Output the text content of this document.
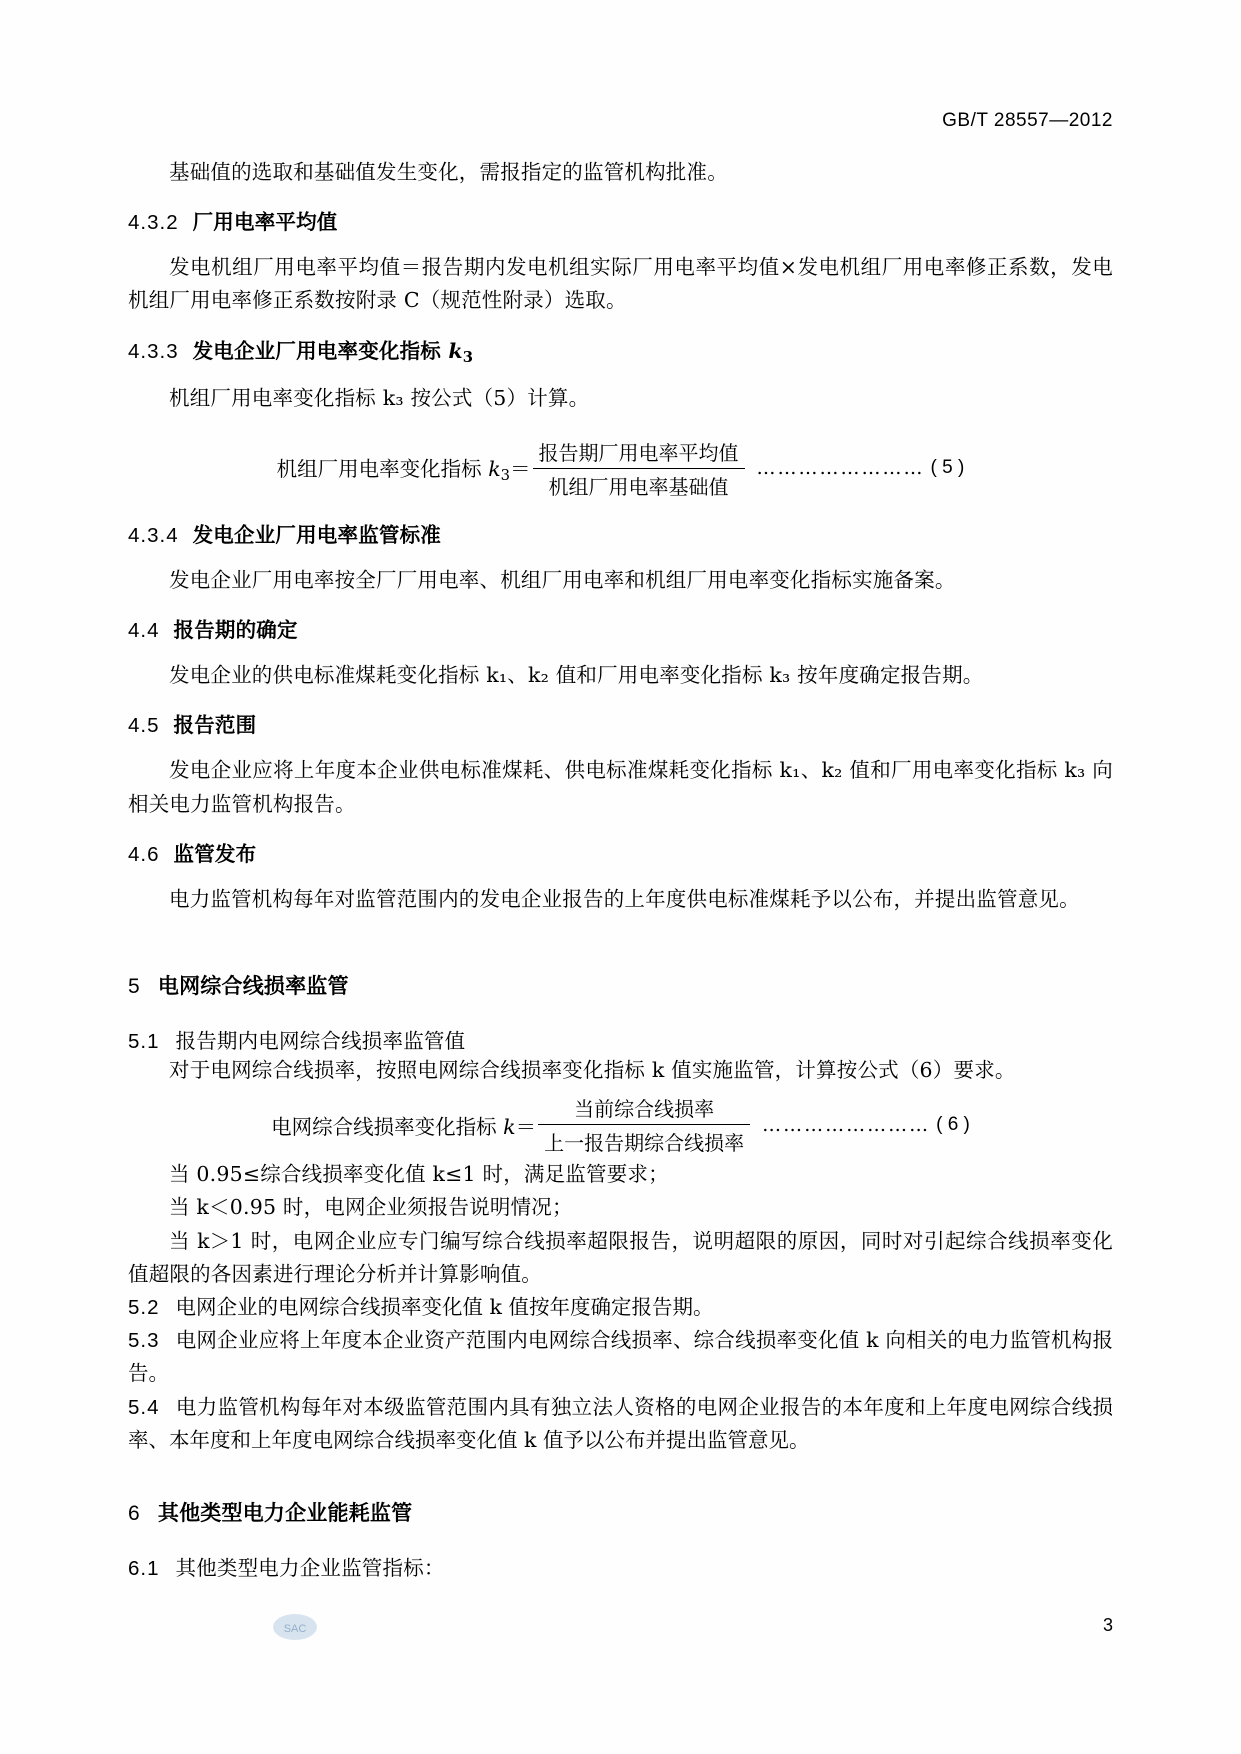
GB/T 28557—2012

基础值的选取和基础值发生变化，需报指定的监管机构批准。

4.3.2 厂用电率平均值

发电机组厂用电率平均值＝报告期内发电机组实际厂用电率平均值×发电机组厂用电率修正系数，发电机组厂用电率修正系数按附录 C（规范性附录）选取。

4.3.3 发电企业厂用电率变化指标 $k_3$

机组厂用电率变化指标 k₃ 按公式（5）计算。

机组厂用电率变化指标 $k_3= \frac{\text{报告期厂用电率平均值}}{\text{机组厂用电率基础值}}$ …………………… ( 5 )
4.3.4 发电企业厂用电率监管标准

发电企业厂用电率按全厂厂用电率、机组厂用电率和机组厂用电率变化指标实施备案。

4.4 报告期的确定

发电企业的供电标准煤耗变化指标 k₁、k₂ 值和厂用电率变化指标 k₃ 按年度确定报告期。

4.5 报告范围

发电企业应将上年度本企业供电标准煤耗、供电标准煤耗变化指标 k₁、k₂ 值和厂用电率变化指标 k₃ 向相关电力监管机构报告。

4.6 监管发布

电力监管机构每年对监管范围内的发电企业报告的上年度供电标准煤耗予以公布，并提出监管意见。

5 电网综合线损率监管

5.1 报告期内电网综合线损率监管值

对于电网综合线损率，按照电网综合线损率变化指标 k 值实施监管，计算按公式（6）要求。

电网综合线损率变化指标 $k= \frac{\text{当前综合线损率}}{\text{上一报告期综合线损率}}$ …………………… ( 6 )

当 0.95≤综合线损率变化值 k≤1 时，满足监管要求；

当 k＜0.95 时，电网企业须报告说明情况；

当 k＞1 时，电网企业应专门编写综合线损率超限报告，说明超限的原因，同时对引起综合线损率变化值超限的各因素进行理论分析并计算影响值。

5.2 电网企业的电网综合线损率变化值 k 值按年度确定报告期。

5.3 电网企业应将上年度本企业资产范围内电网综合线损率、综合线损率变化值 k 向相关的电力监管机构报告。

5.4 电力监管机构每年对本级监管范围内具有独立法人资格的电网企业报告的本年度和上年度电网综合线损率、本年度和上年度电网综合线损率变化值 k 值予以公布并提出监管意见。

6 其他类型电力企业能耗监管

6.1 其他类型电力企业监管指标：

SAC	3
